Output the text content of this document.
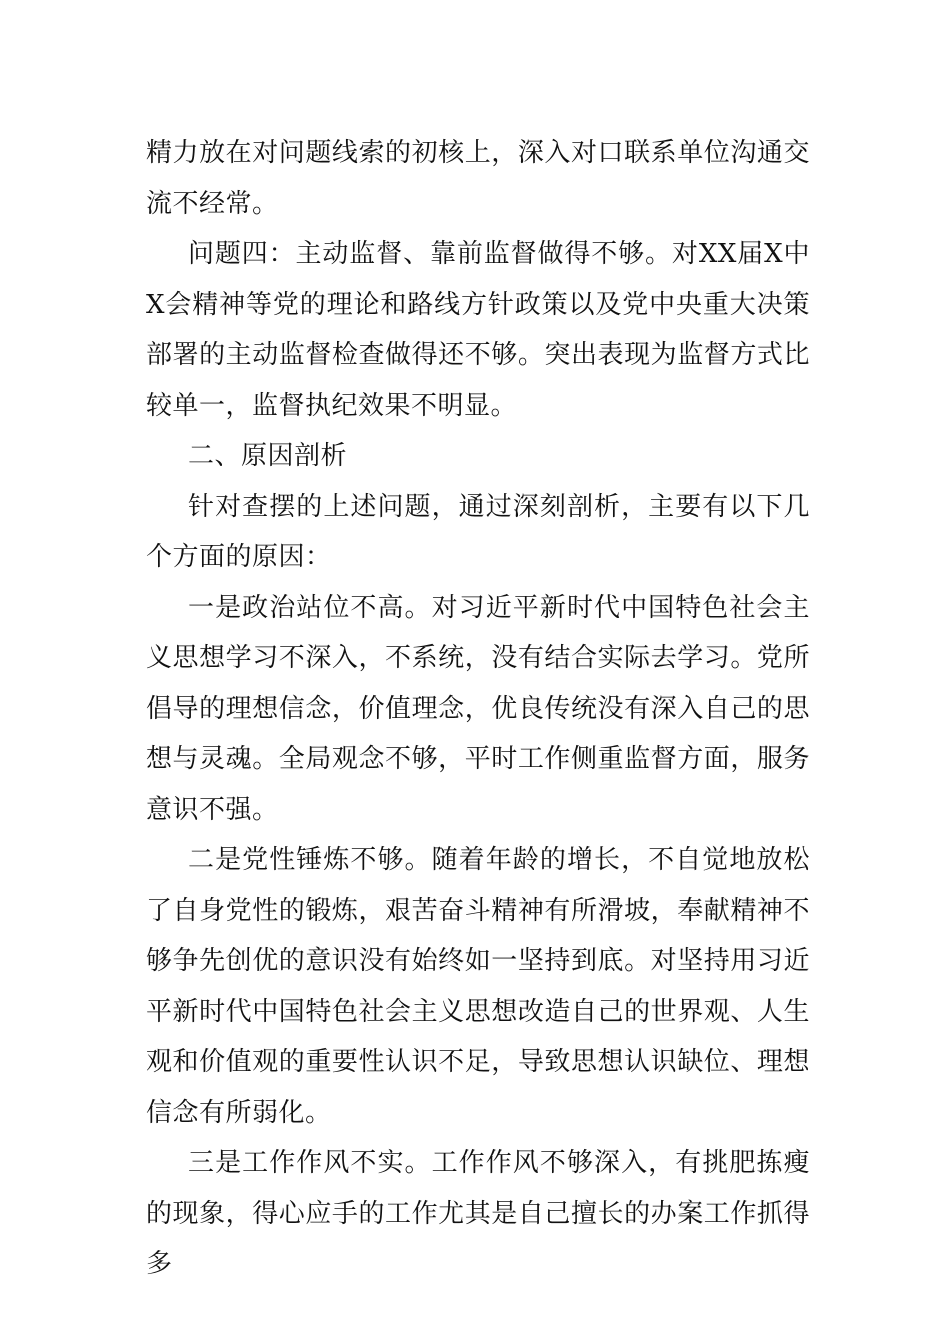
精力放在对问题线索的初核上，深入对口联系单位沟通交流不经常。

问题四：主动监督、靠前监督做得不够。对XX届X中X会精神等党的理论和路线方针政策以及党中央重大决策部署的主动监督检查做得还不够。突出表现为监督方式比较单一，监督执纪效果不明显。

二、原因剖析

针对查摆的上述问题，通过深刻剖析，主要有以下几个方面的原因：

一是政治站位不高。对习近平新时代中国特色社会主义思想学习不深入，不系统，没有结合实际去学习。党所倡导的理想信念，价值理念，优良传统没有深入自己的思想与灵魂。全局观念不够，平时工作侧重监督方面，服务意识不强。

二是党性锤炼不够。随着年龄的增长，不自觉地放松了自身党性的锻炼，艰苦奋斗精神有所滑坡，奉献精神不够争先创优的意识没有始终如一坚持到底。对坚持用习近平新时代中国特色社会主义思想改造自己的世界观、人生观和价值观的重要性认识不足，导致思想认识缺位、理想信念有所弱化。

三是工作作风不实。工作作风不够深入，有挑肥拣瘦的现象，得心应手的工作尤其是自己擅长的办案工作抓得多
